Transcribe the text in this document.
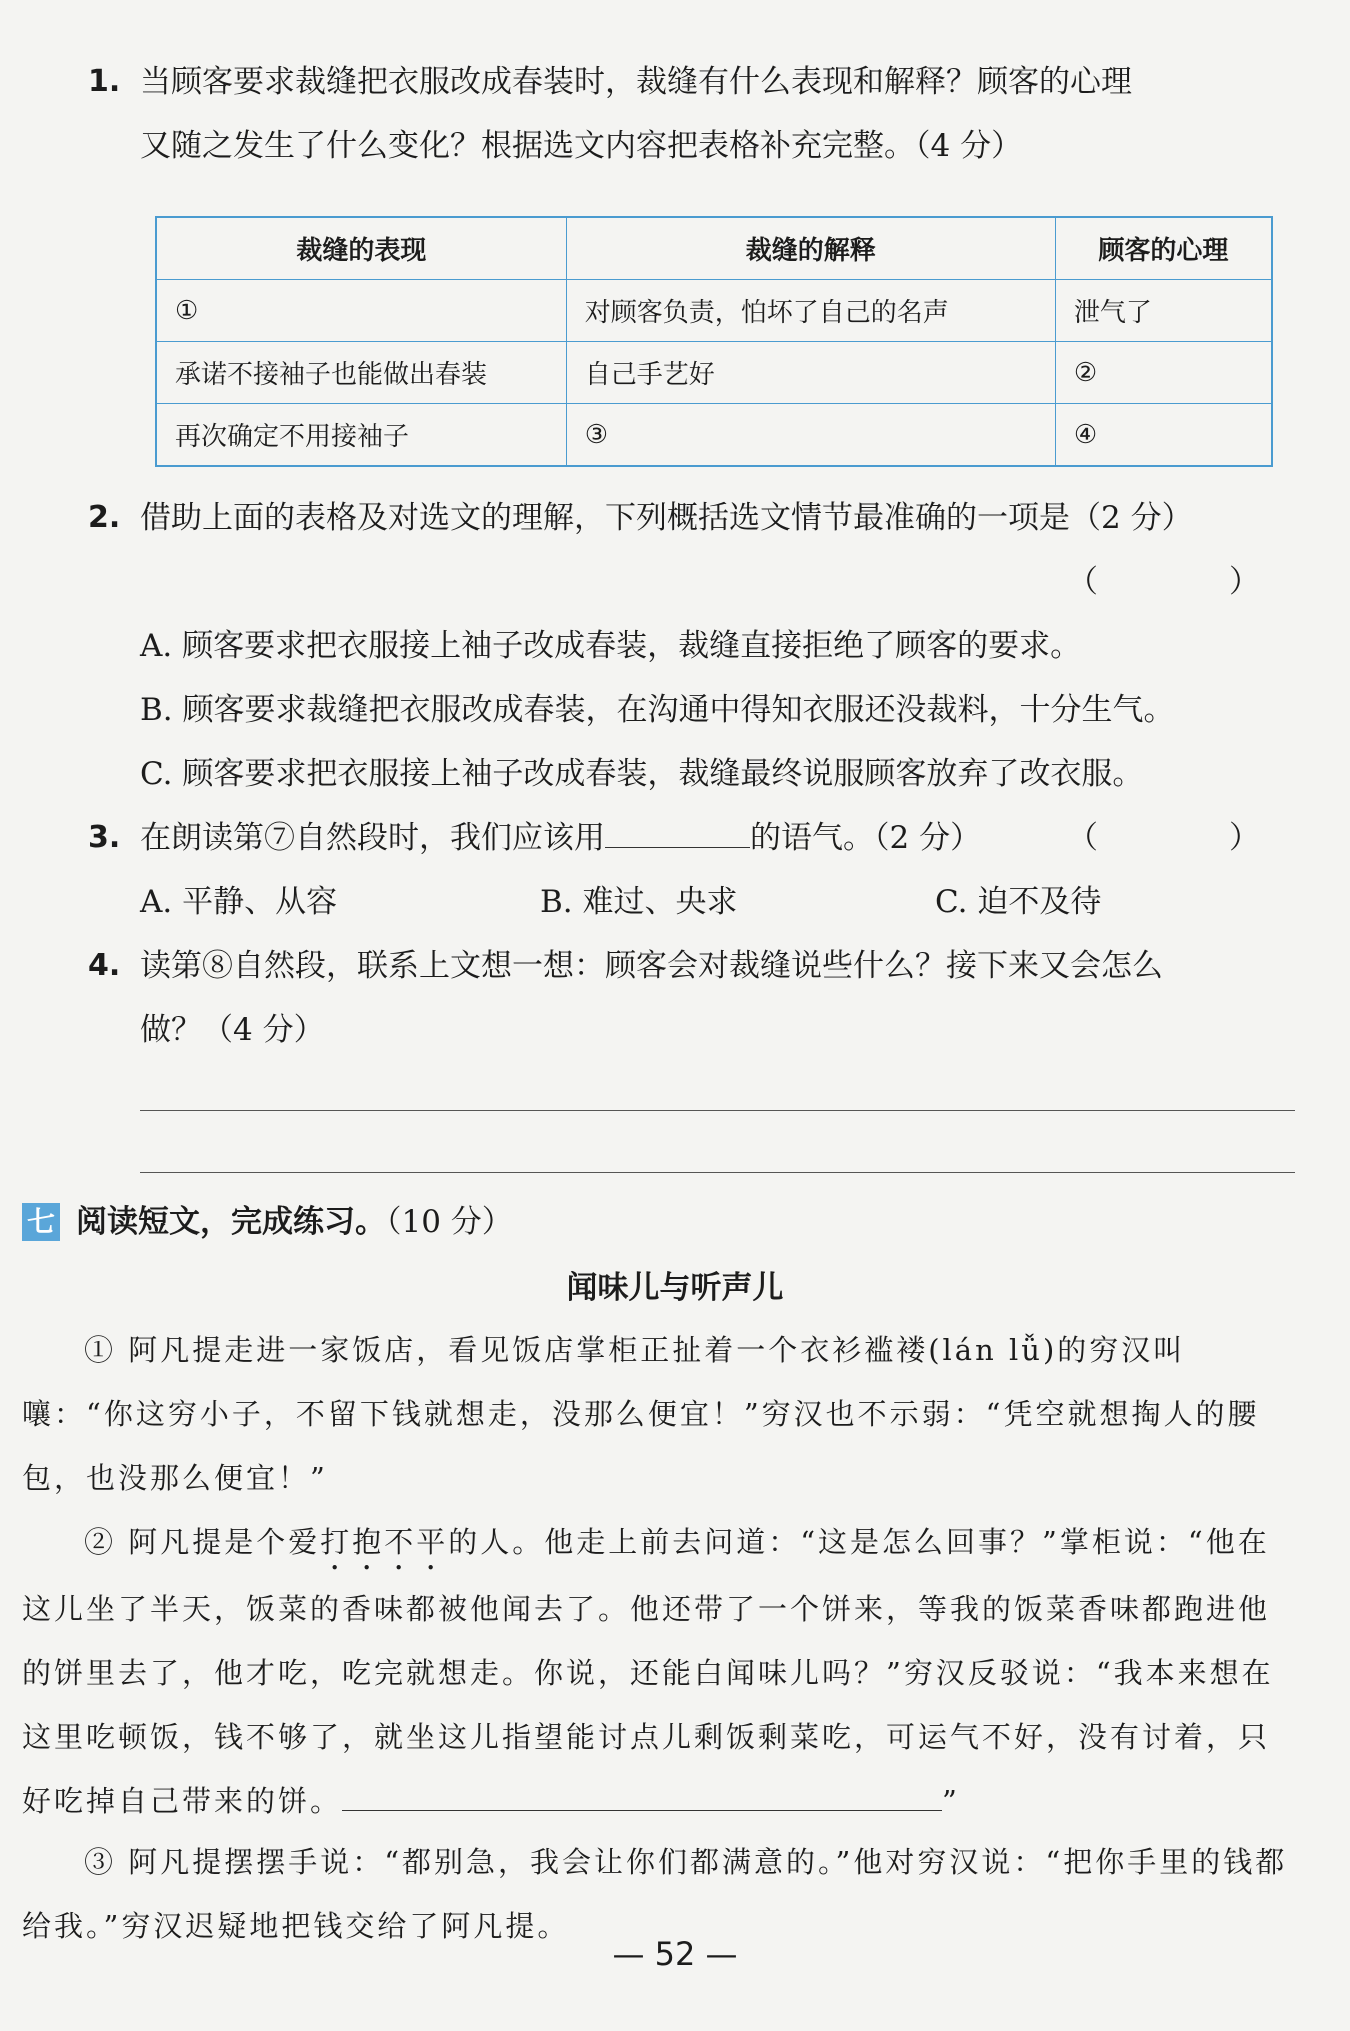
1. 当顾客要求裁缝把衣服改成春装时，裁缝有什么表现和解释？顾客的心理
又随之发生了什么变化？根据选文内容把表格补充完整。（4 分）
裁缝的表现	裁缝的解释	顾客的心理
①	对顾客负责，怕坏了自己的名声	泄气了
承诺不接袖子也能做出春装	自己手艺好	②
再次确定不用接袖子	③	④
2. 借助上面的表格及对选文的理解，下列概括选文情节最准确的一项是（2 分）
（　）
A. 顾客要求把衣服接上袖子改成春装，裁缝直接拒绝了顾客的要求。
B. 顾客要求裁缝把衣服改成春装，在沟通中得知衣服还没裁料，十分生气。
C. 顾客要求把衣服接上袖子改成春装，裁缝最终说服顾客放弃了改衣服。
3. 在朗读第⑦自然段时，我们应该用	的语气。（2 分）	（　）
A. 平静、从容	B. 难过、央求	C. 迫不及待
4. 读第⑧自然段，联系上文想一想：顾客会对裁缝说些什么？接下来又会怎么
做？（4 分）
七 阅读短文，完成练习。（10 分）
闻味儿与听声儿
① 阿凡提走进一家饭店，看见饭店掌柜正扯着一个衣衫褴褛(lán lǚ)的穷汉叫嚷：“你这穷小子，不留下钱就想走，没那么便宜！”穷汉也不示弱：“凭空就想掏人的腰包，也没那么便宜！”
② 阿凡提是个爱打抱不平的人。他走上前去问道：“这是怎么回事？”掌柜说：“他在这儿坐了半天，饭菜的香味都被他闻去了。他还带了一个饼来，等我的饭菜香味都跑进他的饼里去了，他才吃，吃完就想走。你说，还能白闻味儿吗？”穷汉反驳说：“我本来想在这里吃顿饭，钱不够了，就坐这儿指望能讨点儿剩饭剩菜吃，可运气不好，没有讨着，只好吃掉自己带来的饼。	”
③ 阿凡提摆摆手说：“都别急，我会让你们都满意的。”他对穷汉说：“把你手里的钱都给我。”穷汉迟疑地把钱交给了阿凡提。
— 52 —
